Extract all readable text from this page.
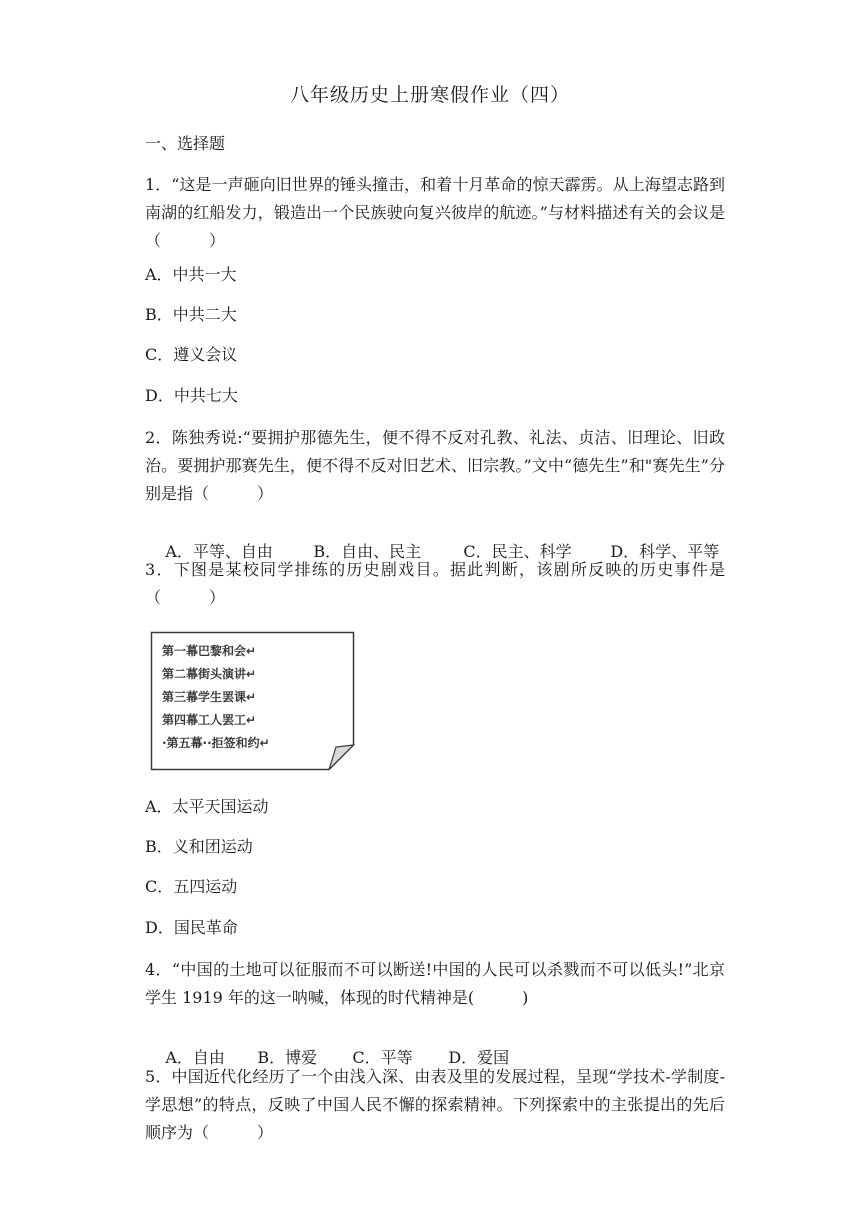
八年级历史上册寒假作业（四）
一、选择题
1．“这是一声砸向旧世界的锤头撞击，和着十月革命的惊天霹雳。从上海望志路到南湖的红船发力，锻造出一个民族驶向复兴彼岸的航迹。”与材料描述有关的会议是（　　　）
A．中共一大
B．中共二大
C．遵义会议
D．中共七大
2．陈独秀说:“要拥护那德先生，便不得不反对孔教、礼法、贞洁、旧理论、旧政治。要拥护那赛先生，便不得不反对旧艺术、旧宗教。”文中“德先生”和"赛先生”分别是指（　　　）

A．平等、自由	B．自由、民主	C．民主、科学 D．科学、平等

3．下图是某校同学排练的历史剧戏目。据此判断，该剧所反映的历史事件是（　　　）
第一幕巴黎和会↵
第二幕街头演讲↵
第三幕学生罢课↵
第四幕工人罢工↵
·第五幕··拒签和约↵
A．太平天国运动
B．义和团运动
C．五四运动
D．国民革命
4．“中国的土地可以征服而不可以断送!中国的人民可以杀戮而不可以低头!”北京学生 1919 年的这一呐喊，体现的时代精神是(　　　)

A．自由 B．博爱 C．平等 D．爱国

5．中国近代化经历了一个由浅入深、由表及里的发展过程，呈现“学技术-学制度-学思想”的特点，反映了中国人民不懈的探索精神。下列探索中的主张提出的先后顺序为（　　　）
